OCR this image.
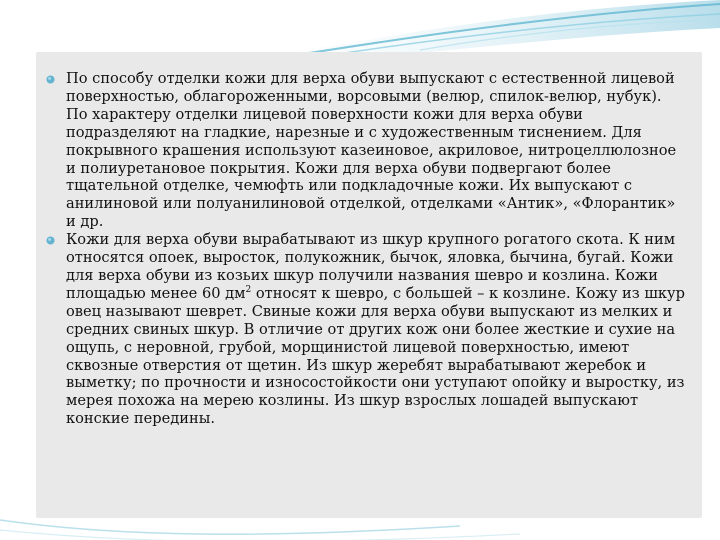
По способу отделки кожи для верха обуви выпускают с естественной лицевой поверхностью, облагороженными, ворсовыми (велюр, спилок-велюр, нубук). По характеру отделки лицевой поверхности кожи для верха обуви подразделяют на гладкие, нарезные и с художественным тиснением. Для покрывного крашения используют казеиновое, акриловое, нитроцеллюлозное и полиуретановое покрытия. Кожи для верха обуви подвергают более тщательной отделке, чемюфть или подкладочные кожи. Их выпускают с анилиновой или полуанилиновой отделкой, отделками «Антик», «Флорантик» и др.
Кожи для верха обуви вырабатывают из шкур крупного рогатого скота. К ним относятся опоек, выросток, полукожник, бычок, яловка, бычина, бугай. Кожи для верха обуви из козьих шкур получили названия шевро и козлина. Кожи площадью менее 60 $дм^2$ относят к шевро, с большей – к козлине. Кожу из шкур овец называют шеврет. Свиные кожи для верха обуви выпускают из мелких и средних свиных шкур. В отличие от других кож они более жесткие и сухие на ощупь, с неровной, грубой, морщинистой лицевой поверхностью, имеют сквозные отверстия от щетин. Из шкур жеребят вырабатывают жеребок и выметку; по прочности и износостойкости они уступают опойку и выростку, из мерея похожа на мерею козлины. Из шкур взрослых лошадей выпускают конские передины.
